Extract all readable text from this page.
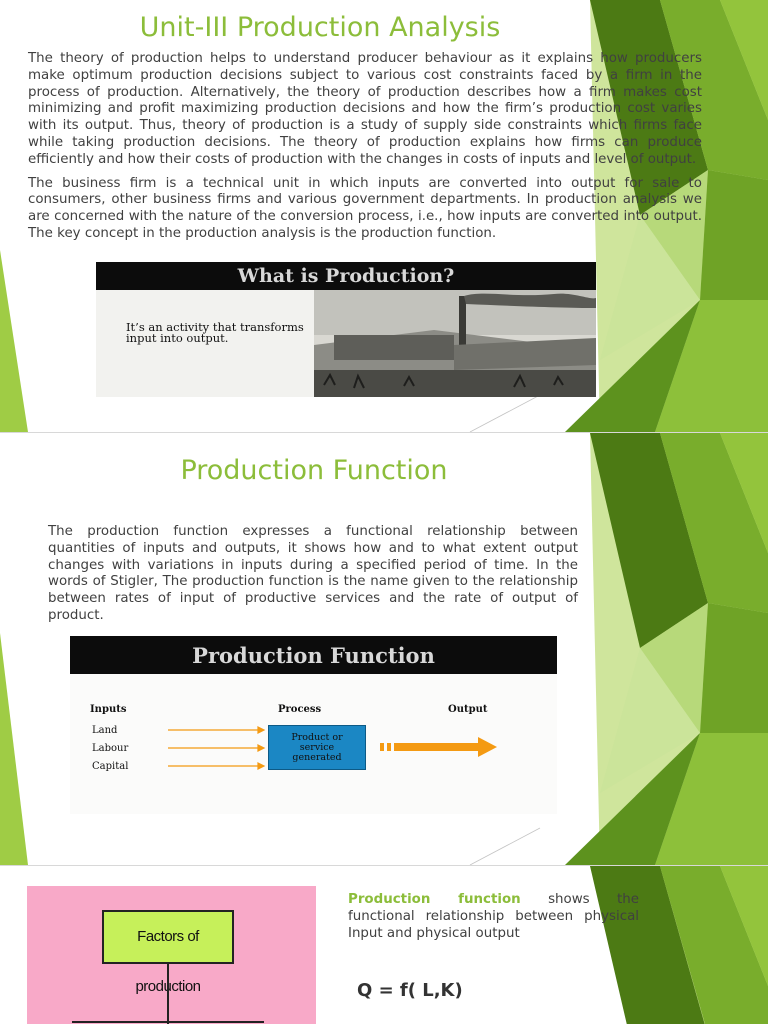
Unit-III Production Analysis

The theory of production helps to understand producer behaviour as it explains how producers make optimum production decisions subject to various cost constraints faced by a firm in the process of production. Alternatively, the theory of production describes how a firm makes cost minimizing and profit maximizing production decisions and how the firm’s production cost varies with its output. Thus, theory of production is a study of supply side constraints which firms face while taking production decisions. The theory of production explains how firms can produce efficiently and how their costs of production with the changes in costs of inputs and level of output.

The business firm is a technical unit in which inputs are converted into output for sale to consumers, other business firms and various government departments. In production analysis we are concerned with the nature of the conversion process, i.e., how inputs are converted into output. The key concept in the production analysis is the production function.

What is Production?
It’s an activity that transforms input into output.
Production Function
The production function expresses a functional relationship between quantities of inputs and outputs, it shows how and to what extent output changes with variations in inputs during a specified period of time. In the words of Stigler, The production function is the name given to the relationship between rates of input of productive services and the rate of output of product.
Production Function
Inputs	Process	Output
Land
Labour
Capital
Product or service generated
Factors of production
Production function shows the functional relationship between physical Input and physical output
Q = f( L,K)
